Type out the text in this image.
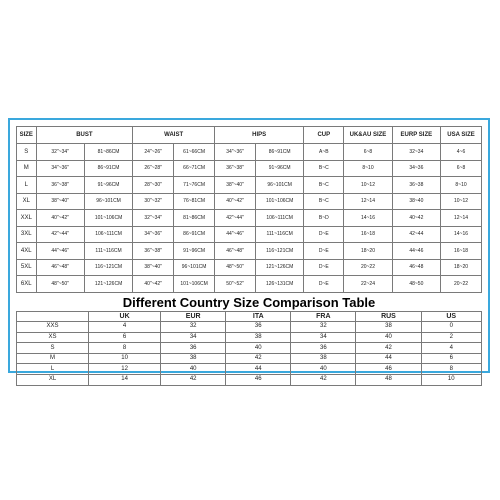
SIZE	BUST		WAIST		HIPS		CUP	UK&AU SIZE	EURP SIZE	USA SIZE
S	32"~34"	81~86CM	24"~26"	61~66CM	34"~36"	86~91CM	A~B	6~8	32~34	4~6
M	34"~36"	86~91CM	26"~28"	66~71CM	36"~38"	91~96CM	B~C	8~10	34~36	6~8
L	36"~38"	91~96CM	28"~30"	71~76CM	38"~40"	96~101CM	B~C	10~12	36~38	8~10
XL	38"~40"	96~101CM	30"~32"	76~81CM	40"~42"	101~106CM	B~C	12~14	38~40	10~12
XXL	40"~42"	101~106CM	32"~34"	81~86CM	42"~44"	106~111CM	B~D	14~16	40~42	12~14
3XL	42"~44"	106~111CM	34"~36"	86~91CM	44"~46"	111~116CM	D~E	16~18	42~44	14~16
4XL	44"~46"	111~116CM	36"~38"	91~96CM	46"~48"	116~121CM	D~E	18~20	44~46	16~18
5XL	46"~48"	116~121CM	38"~40"	96~101CM	48"~50"	121~126CM	D~E	20~22	46~48	18~20
6XL	48"~50"	121~126CM	40"~42"	101~106CM	50"~52"	126~131CM	D~E	22~24	48~50	20~22
Different Country Size Comparison Table
	UK	EUR	ITA	FRA	RUS	US
XXS	4	32	36	32	38	0
XS	6	34	38	34	40	2
S	8	36	40	36	42	4
M	10	38	42	38	44	6
L	12	40	44	40	46	8
XL	14	42	46	42	48	10
